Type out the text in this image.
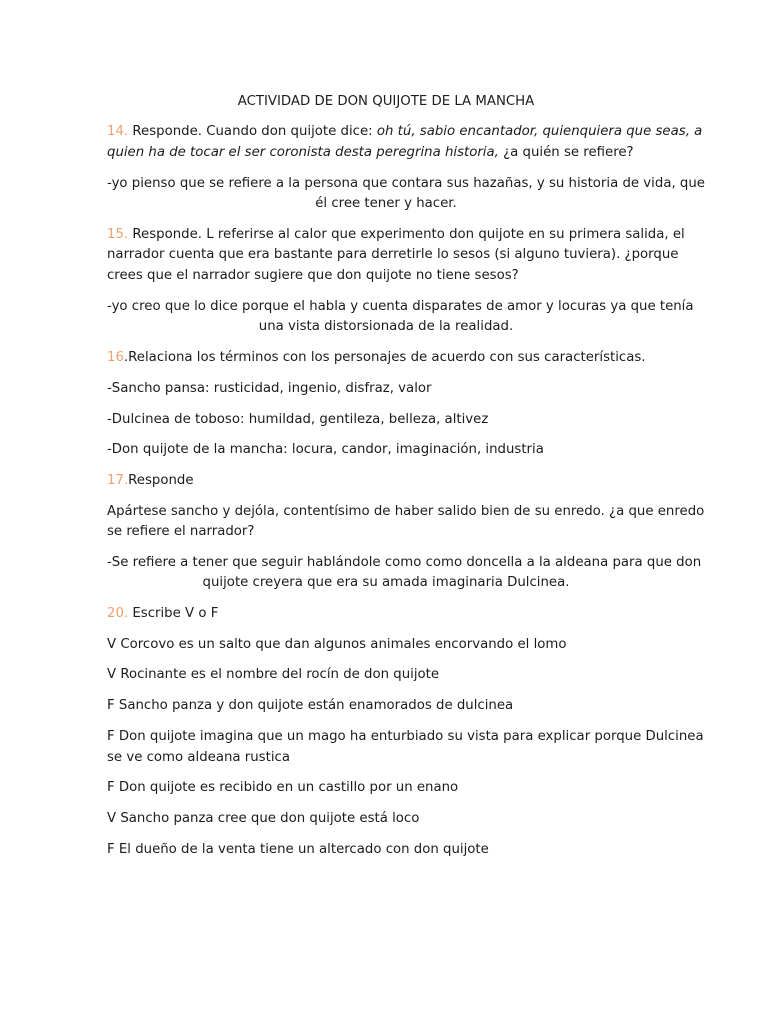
ACTIVIDAD DE DON QUIJOTE DE LA MANCHA
14. Responde. Cuando don quijote dice: oh tú, sabio encantador, quienquiera que seas, a
quien ha de tocar el ser coronista desta peregrina historia, ¿a quién se refiere?
-yo pienso que se refiere a la persona que contara sus hazañas, y su historia de vida, que
él cree tener y hacer.
15. Responde. L referirse al calor que experimento don quijote en su primera salida, el
narrador cuenta que era bastante para derretirle lo sesos (si alguno tuviera). ¿porque
crees que el narrador sugiere que don quijote no tiene sesos?
-yo creo que lo dice porque el habla y cuenta disparates de amor y locuras ya que tenía
una vista distorsionada de la realidad.
16.Relaciona los términos con los personajes de acuerdo con sus características.
-Sancho pansa: rusticidad, ingenio, disfraz, valor
-Dulcinea de toboso: humildad, gentileza, belleza, altivez
-Don quijote de la mancha: locura, candor, imaginación, industria
17.Responde
Apártese sancho y dejóla, contentísimo de haber salido bien de su enredo. ¿a que enredo
se refiere el narrador?
-Se refiere a tener que seguir hablándole como como doncella a la aldeana para que don
quijote creyera que era su amada imaginaria Dulcinea.
20. Escribe V o F
V Corcovo es un salto que dan algunos animales encorvando el lomo
V Rocinante es el nombre del rocín de don quijote
F Sancho panza y don quijote están enamorados de dulcinea
F Don quijote imagina que un mago ha enturbiado su vista para explicar porque Dulcinea
se ve como aldeana rustica
F Don quijote es recibido en un castillo por un enano
V Sancho panza cree que don quijote está loco
F El dueño de la venta tiene un altercado con don quijote
